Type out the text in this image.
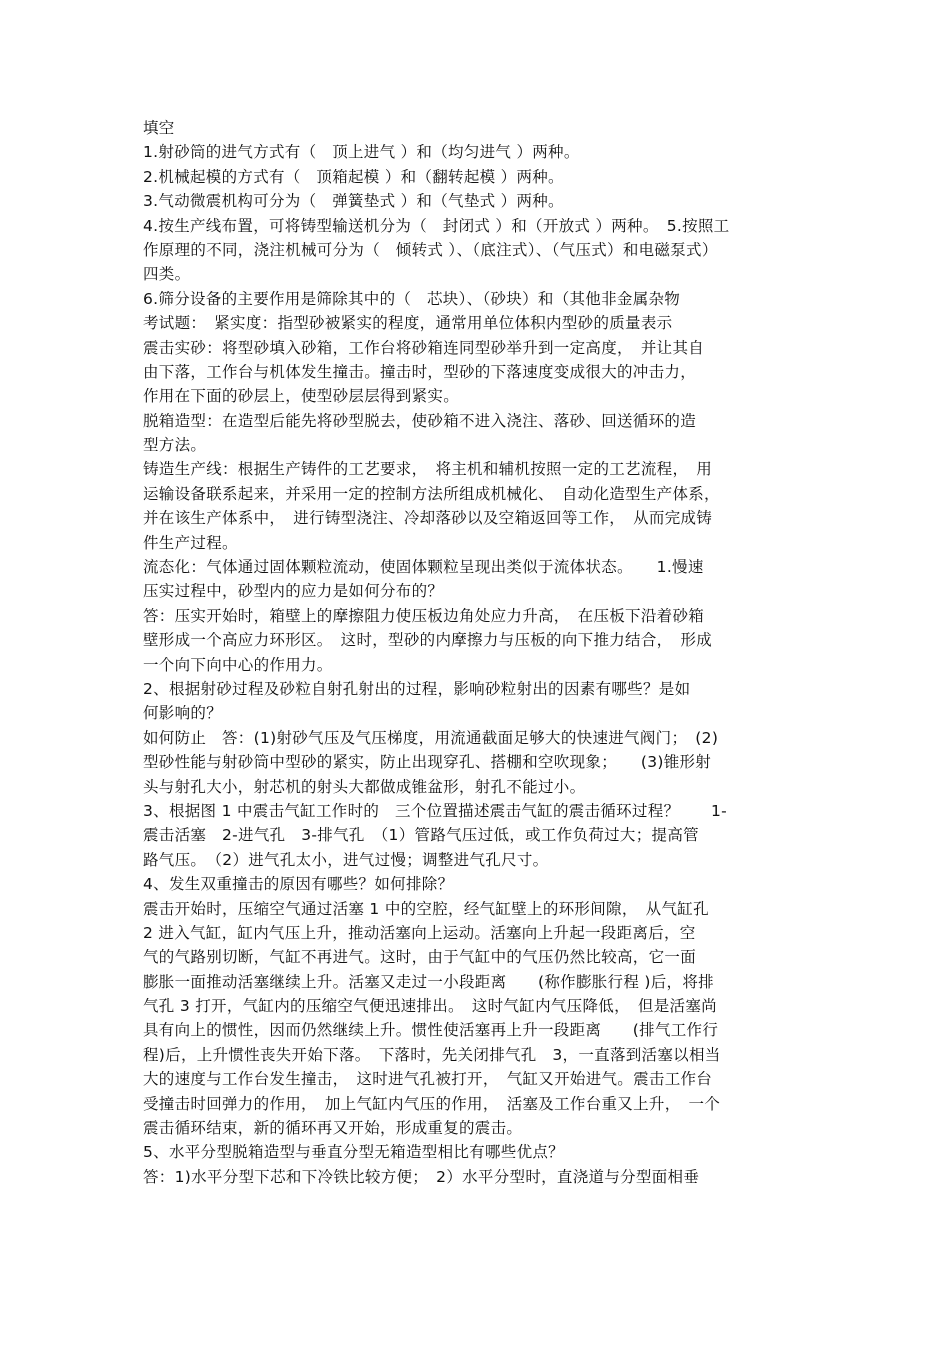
填空
1.射砂筒的进气方式有（　顶上进气 ）和（均匀进气 ）两种。
2.机械起模的方式有（　顶箱起模 ）和（翻转起模 ）两种。
3.气动微震机构可分为（　弹簧垫式 ）和（气垫式 ）两种。
4.按生产线布置，可将铸型输送机分为（　封闭式 ）和（开放式 ）两种。　5.按照工
作原理的不同，浇注机械可分为（　倾转式 ）、（底注式）、（气压式）和电磁泵式）
四类。
6.筛分设备的主要作用是筛除其中的（　芯块）、（砂块）和（其他非金属杂物
考试题：　紧实度：指型砂被紧实的程度，通常用单位体积内型砂的质量表示
震击实砂：将型砂填入砂箱，工作台将砂箱连同型砂举升到一定高度，　并让其自
由下落，工作台与机体发生撞击。撞击时，型砂的下落速度变成很大的冲击力，
作用在下面的砂层上，使型砂层层得到紧实。
脱箱造型：在造型后能先将砂型脱去，使砂箱不进入浇注、落砂、回送循环的造
型方法。
铸造生产线：根据生产铸件的工艺要求，　将主机和辅机按照一定的工艺流程，　用
运输设备联系起来，并采用一定的控制方法所组成机械化、　自动化造型生产体系，
并在该生产体系中，　进行铸型浇注、冷却落砂以及空箱返回等工作，　从而完成铸
件生产过程。
流态化：气体通过固体颗粒流动，使固体颗粒呈现出类似于流体状态。　　1.慢速
压实过程中，砂型内的应力是如何分布的？
答：压实开始时，箱壁上的摩擦阻力使压板边角处应力升高，　在压板下沿着砂箱
壁形成一个高应力环形区。　这时，型砂的内摩擦力与压板的向下推力结合，　形成
一个向下向中心的作用力。
2、根据射砂过程及砂粒自射孔射出的过程，影响砂粒射出的因素有哪些？是如
何影响的？
如何防止　答：(1)射砂气压及气压梯度，用流通截面足够大的快速进气阀门；　(2)
型砂性能与射砂筒中型砂的紧实，防止出现穿孔、搭棚和空吹现象；　　(3)锥形射
头与射孔大小，射芯机的射头大都做成锥盆形，射孔不能过小。
3、根据图 1 中震击气缸工作时的　三个位置描述震击气缸的震击循环过程？　　1-
震击活塞　2-进气孔　3-排气孔　（1）管路气压过低，或工作负荷过大；提高管
路气压。　（2）进气孔太小，进气过慢；调整进气孔尺寸。
4、发生双重撞击的原因有哪些？如何排除？
震击开始时，压缩空气通过活塞 1 中的空腔，经气缸壁上的环形间隙，　从气缸孔
2 进入气缸，缸内气压上升，推动活塞向上运动。活塞向上升起一段距离后，空
气的气路别切断，气缸不再进气。这时，由于气缸中的气压仍然比较高，它一面
膨胀一面推动活塞继续上升。活塞又走过一小段距离　　(称作膨胀行程 )后，将排
气孔 3 打开，气缸内的压缩空气便迅速排出。　这时气缸内气压降低，　但是活塞尚
具有向上的惯性，因而仍然继续上升。惯性使活塞再上升一段距离　　(排气工作行
程)后，上升惯性丧失开始下落。　下落时，先关闭排气孔　3，一直落到活塞以相当
大的速度与工作台发生撞击，　这时进气孔被打开，　气缸又开始进气。震击工作台
受撞击时回弹力的作用，　加上气缸内气压的作用，　活塞及工作台重又上升，　一个
震击循环结束，新的循环再又开始，形成重复的震击。
5、水平分型脱箱造型与垂直分型无箱造型相比有哪些优点？
答：1)水平分型下芯和下冷铁比较方便；　2）水平分型时，直浇道与分型面相垂
